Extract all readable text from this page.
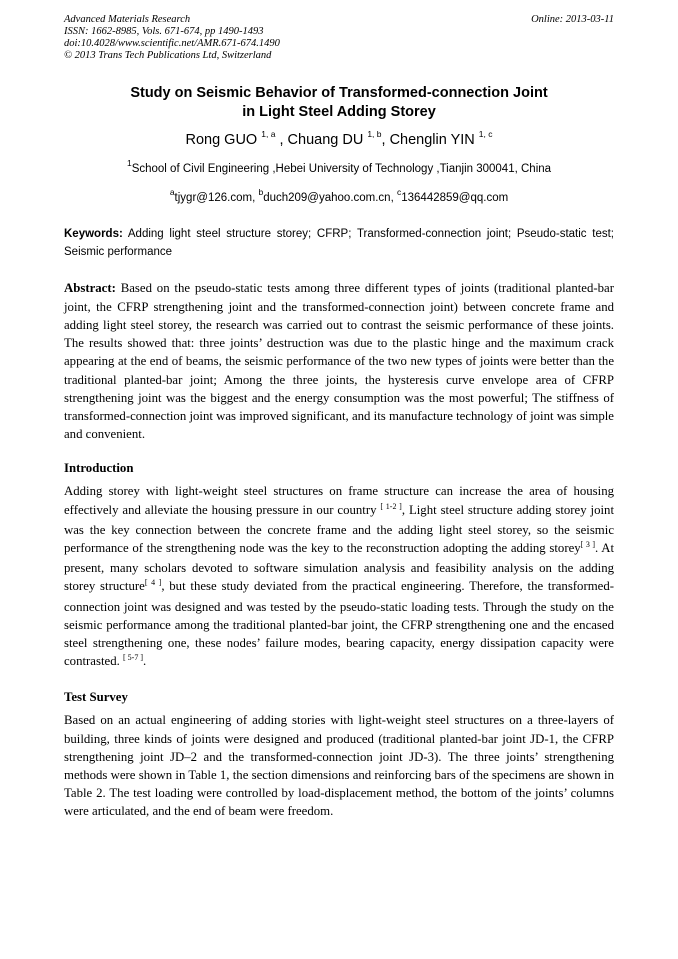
Advanced Materials Research
ISSN: 1662-8985, Vols. 671-674, pp 1490-1493
doi:10.4028/www.scientific.net/AMR.671-674.1490
© 2013 Trans Tech Publications Ltd, Switzerland
Online: 2013-03-11
Study on Seismic Behavior of Transformed-connection Joint
in Light Steel Adding Storey
Rong GUO $^{1, a}$ , Chuang DU $^{1, b}$, Chenglin YIN $^{1, c}$
$^1$School of Civil Engineering ,Hebei University of Technology ,Tianjin 300041, China
$^a$tjygr@126.com, $^b$duch209@yahoo.com.cn, $^c$136442859@qq.com
Keywords: Adding light steel structure storey; CFRP; Transformed-connection joint; Pseudo-static test; Seismic performance
Abstract: Based on the pseudo-static tests among three different types of joints (traditional planted-bar joint, the CFRP strengthening joint and the transformed-connection joint) between concrete frame and adding light steel storey, the research was carried out to contrast the seismic performance of these joints. The results showed that: three joints’ destruction was due to the plastic hinge and the maximum crack appearing at the end of beams, the seismic performance of the two new types of joints were better than the traditional planted-bar joint; Among the three joints, the hysteresis curve envelope area of CFRP strengthening joint was the biggest and the energy consumption was the most powerful; The stiffness of transformed-connection joint was improved significant, and its manufacture technology of joint was simple and convenient.
Introduction
Adding storey with light-weight steel structures on frame structure can increase the area of housing effectively and alleviate the housing pressure in our country [ 1-2 ], Light steel structure adding storey joint was the key connection between the concrete frame and the adding light steel storey, so the seismic performance of the strengthening node was the key to the reconstruction adopting the adding storey[ 3 ]. At present, many scholars devoted to software simulation analysis and feasibility analysis on the adding storey structure[ 4 ], but these study deviated from the practical engineering. Therefore, the transformed-connection joint was designed and was tested by the pseudo-static loading tests. Through the study on the seismic performance among the traditional planted-bar joint, the CFRP strengthening one and the encased steel strengthening one, these nodes’ failure modes, bearing capacity, energy dissipation capacity were contrasted. [ 5-7 ].
Test Survey
Based on an actual engineering of adding stories with light-weight steel structures on a three-layers of building, three kinds of joints were designed and produced (traditional planted-bar joint JD-1, the CFRP strengthening joint JD–2 and the transformed-connection joint JD-3). The three joints’ strengthening methods were shown in Table 1, the section dimensions and reinforcing bars of the specimens are shown in Table 2. The test loading were controlled by load-displacement method, the bottom of the joints’ columns were articulated, and the end of beam were freedom.
